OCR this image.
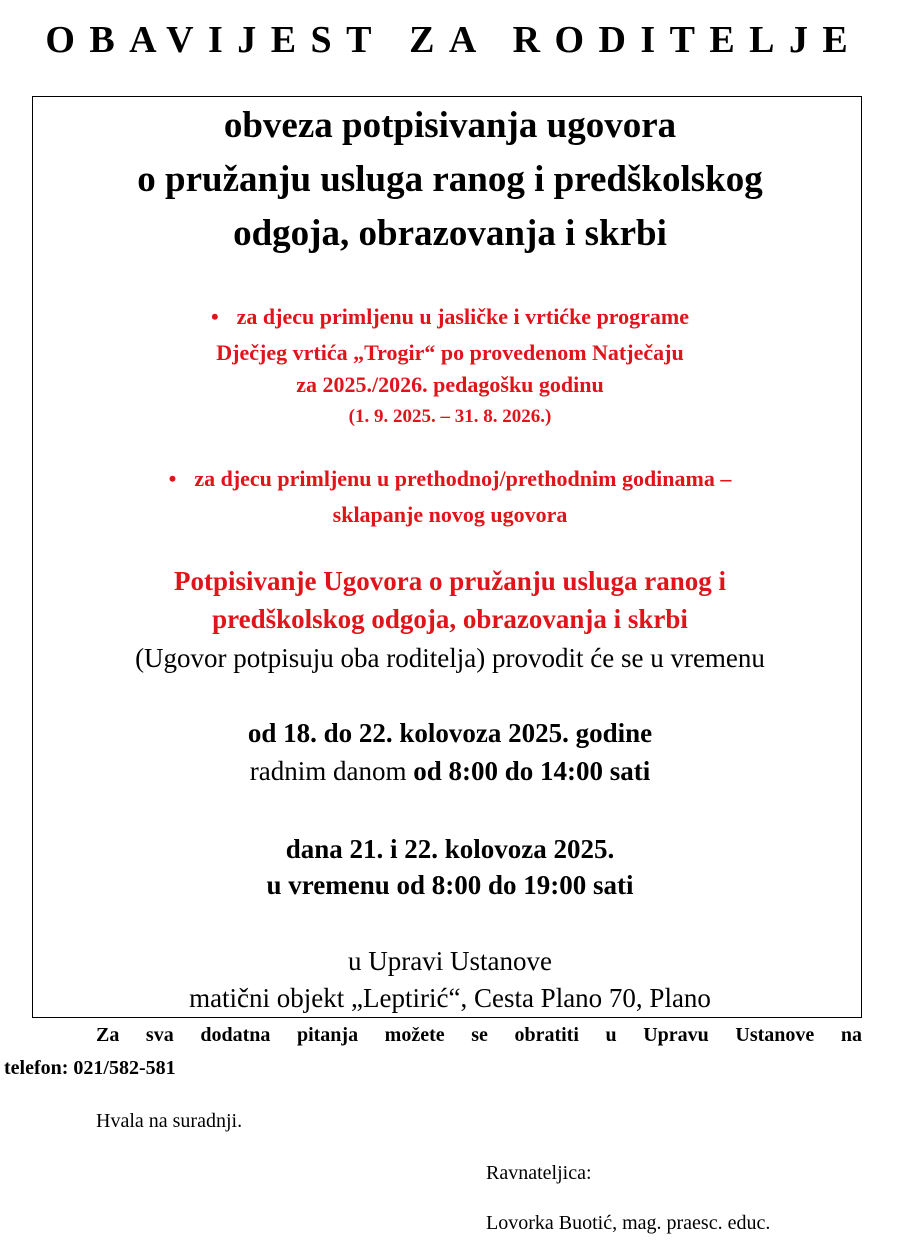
OBAVIJEST ZA RODITELJE
obveza potpisivanja ugovora
o pružanju usluga ranog i predškolskog
odgoja, obrazovanja i skrbi
• za djecu primljenu u jasličke i vrtićke programe
Dječjeg vrtića „Trogir“ po provedenom Natječaju
za 2025./2026. pedagošku godinu
(1. 9. 2025. – 31. 8. 2026.)
• za djecu primljenu u prethodnoj/prethodnim godinama –
sklapanje novog ugovora
Potpisivanje Ugovora o pružanju usluga ranog i
predškolskog odgoja, obrazovanja i skrbi
(Ugovor potpisuju oba roditelja) provodit će se u vremenu
od 18. do 22. kolovoza 2025. godine
radnim danom od 8:00 do 14:00 sati
dana 21. i 22. kolovoza 2025.
u vremenu od 8:00 do 19:00 sati
u Upravi Ustanove
matični objekt „Leptirić“, Cesta Plano 70, Plano
Za sva dodatna pitanja možete se obratiti u Upravu Ustanove na
telefon: 021/582-581
Hvala na suradnji.
Ravnateljica:
Lovorka Buotić, mag. praesc. educ.
